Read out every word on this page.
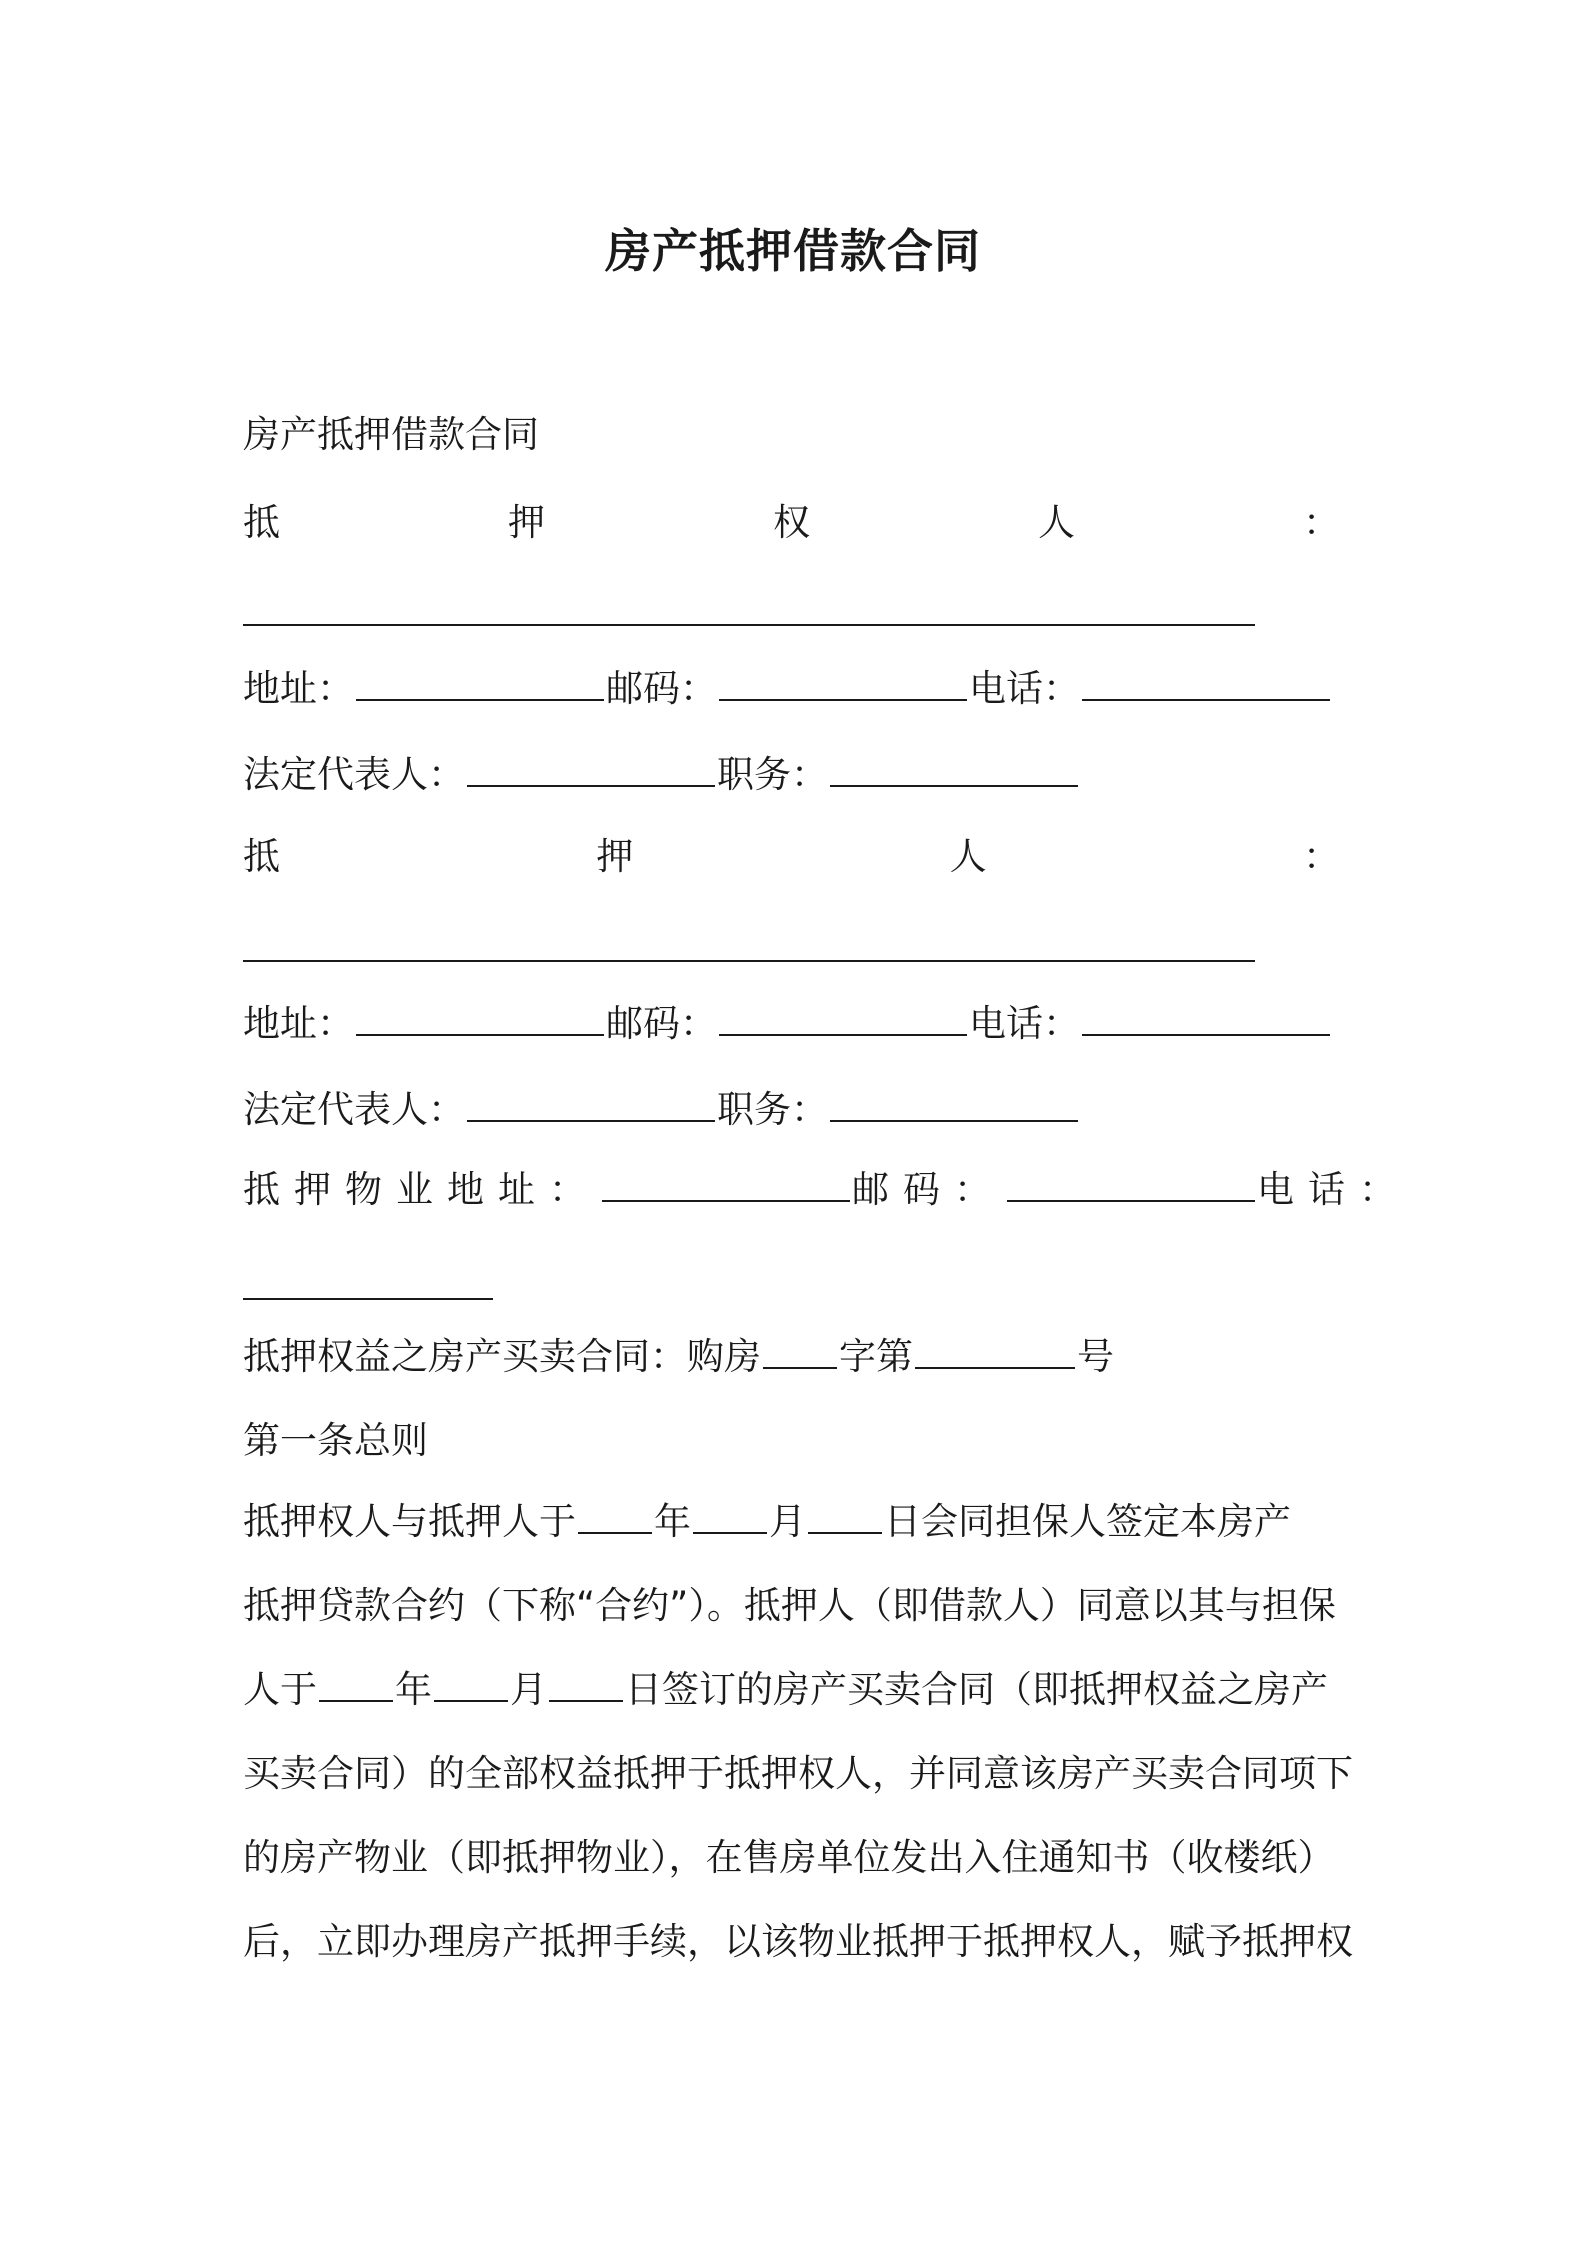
房产抵押借款合同
房产抵押借款合同
抵	押	权	人	：
地址：	邮码：	电话：
法定代表人：	职务：
抵	押	人	：
地址：	邮码：	电话：
法定代表人：	职务：
抵押物业地址：	邮码：	电话：
抵押权益之房产买卖合同：购房 字第	号
第一条总则
抵押权人与抵押人于 年 月 日会同担保人签定本房产
抵押贷款合约（下称“合约”）。抵押人（即借款人）同意以其与担保
人于 年 月 日签订的房产买卖合同（即抵押权益之房产
买卖合同）的全部权益抵押于抵押权人，并同意该房产买卖合同项下
的房产物业（即抵押物业），在售房单位发出入住通知书（收楼纸）
后，立即办理房产抵押手续，以该物业抵押于抵押权人，赋予抵押权
